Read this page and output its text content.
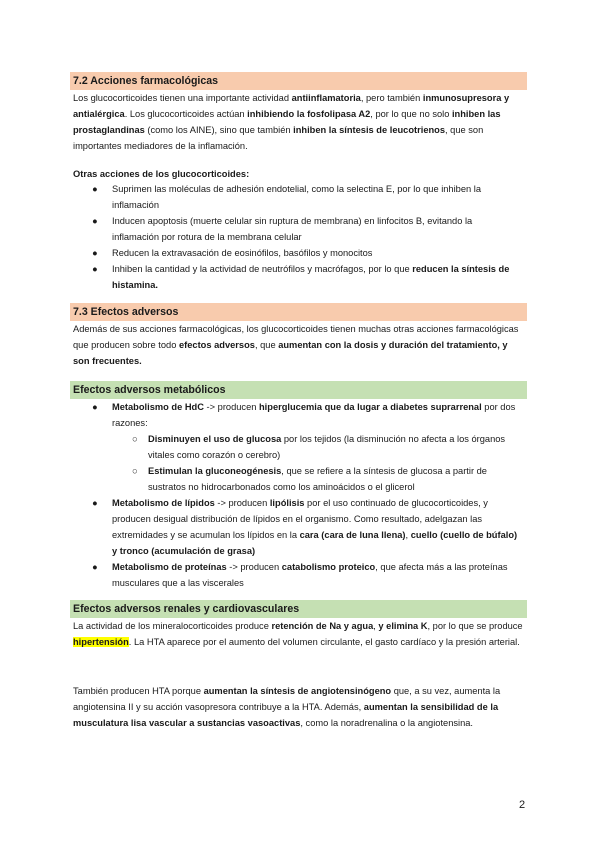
7.2 Acciones farmacológicas
Los glucocorticoides tienen una importante actividad antiinflamatoria, pero también inmunosupresora y antialérgica. Los glucocorticoides actúan inhibiendo la fosfolipasa A2, por lo que no solo inhiben las prostaglandinas (como los AINE), sino que también inhiben la síntesis de leucotrienos, que son importantes mediadores de la inflamación.
Otras acciones de los glucocorticoides:
● Suprimen las moléculas de adhesión endotelial, como la selectina E, por lo que inhiben la inflamación
● Inducen apoptosis (muerte celular sin ruptura de membrana) en linfocitos B, evitando la inflamación por rotura de la membrana celular
● Reducen la extravasación de eosinófilos, basófilos y monocitos
● Inhiben la cantidad y la actividad de neutrófilos y macrófagos, por lo que reducen la síntesis de histamina.
7.3 Efectos adversos
Además de sus acciones farmacológicas, los glucocorticoides tienen muchas otras acciones farmacológicas que producen sobre todo efectos adversos, que aumentan con la dosis y duración del tratamiento, y son frecuentes.
Efectos adversos metabólicos
● Metabolismo de HdC -> producen hiperglucemia que da lugar a diabetes suprarrenal por dos razones:
○ Disminuyen el uso de glucosa por los tejidos (la disminución no afecta a los órganos vitales como corazón o cerebro)
○ Estimulan la gluconeogénesis, que se refiere a la síntesis de glucosa a partir de sustratos no hidrocarbonados como los aminoácidos o el glicerol
● Metabolismo de lípidos -> producen lipólisis por el uso continuado de glucocorticoides, y producen desigual distribución de lípidos en el organismo. Como resultado, adelgazan las extremidades y se acumulan los lípidos en la cara (cara de luna llena), cuello (cuello de búfalo) y tronco (acumulación de grasa)
● Metabolismo de proteínas -> producen catabolismo proteico, que afecta más a las proteínas musculares que a las viscerales
Efectos adversos renales y cardiovasculares
La actividad de los mineralocorticoides produce retención de Na y agua, y elimina K, por lo que se produce hipertensión. La HTA aparece por el aumento del volumen circulante, el gasto cardíaco y la presión arterial.
También producen HTA porque aumentan la síntesis de angiotensinógeno que, a su vez, aumenta la angiotensina II y su acción vasopresora contribuye a la HTA. Además, aumentan la sensibilidad de la musculatura lisa vascular a sustancias vasoactivas, como la noradrenalina o la angiotensina.
2
